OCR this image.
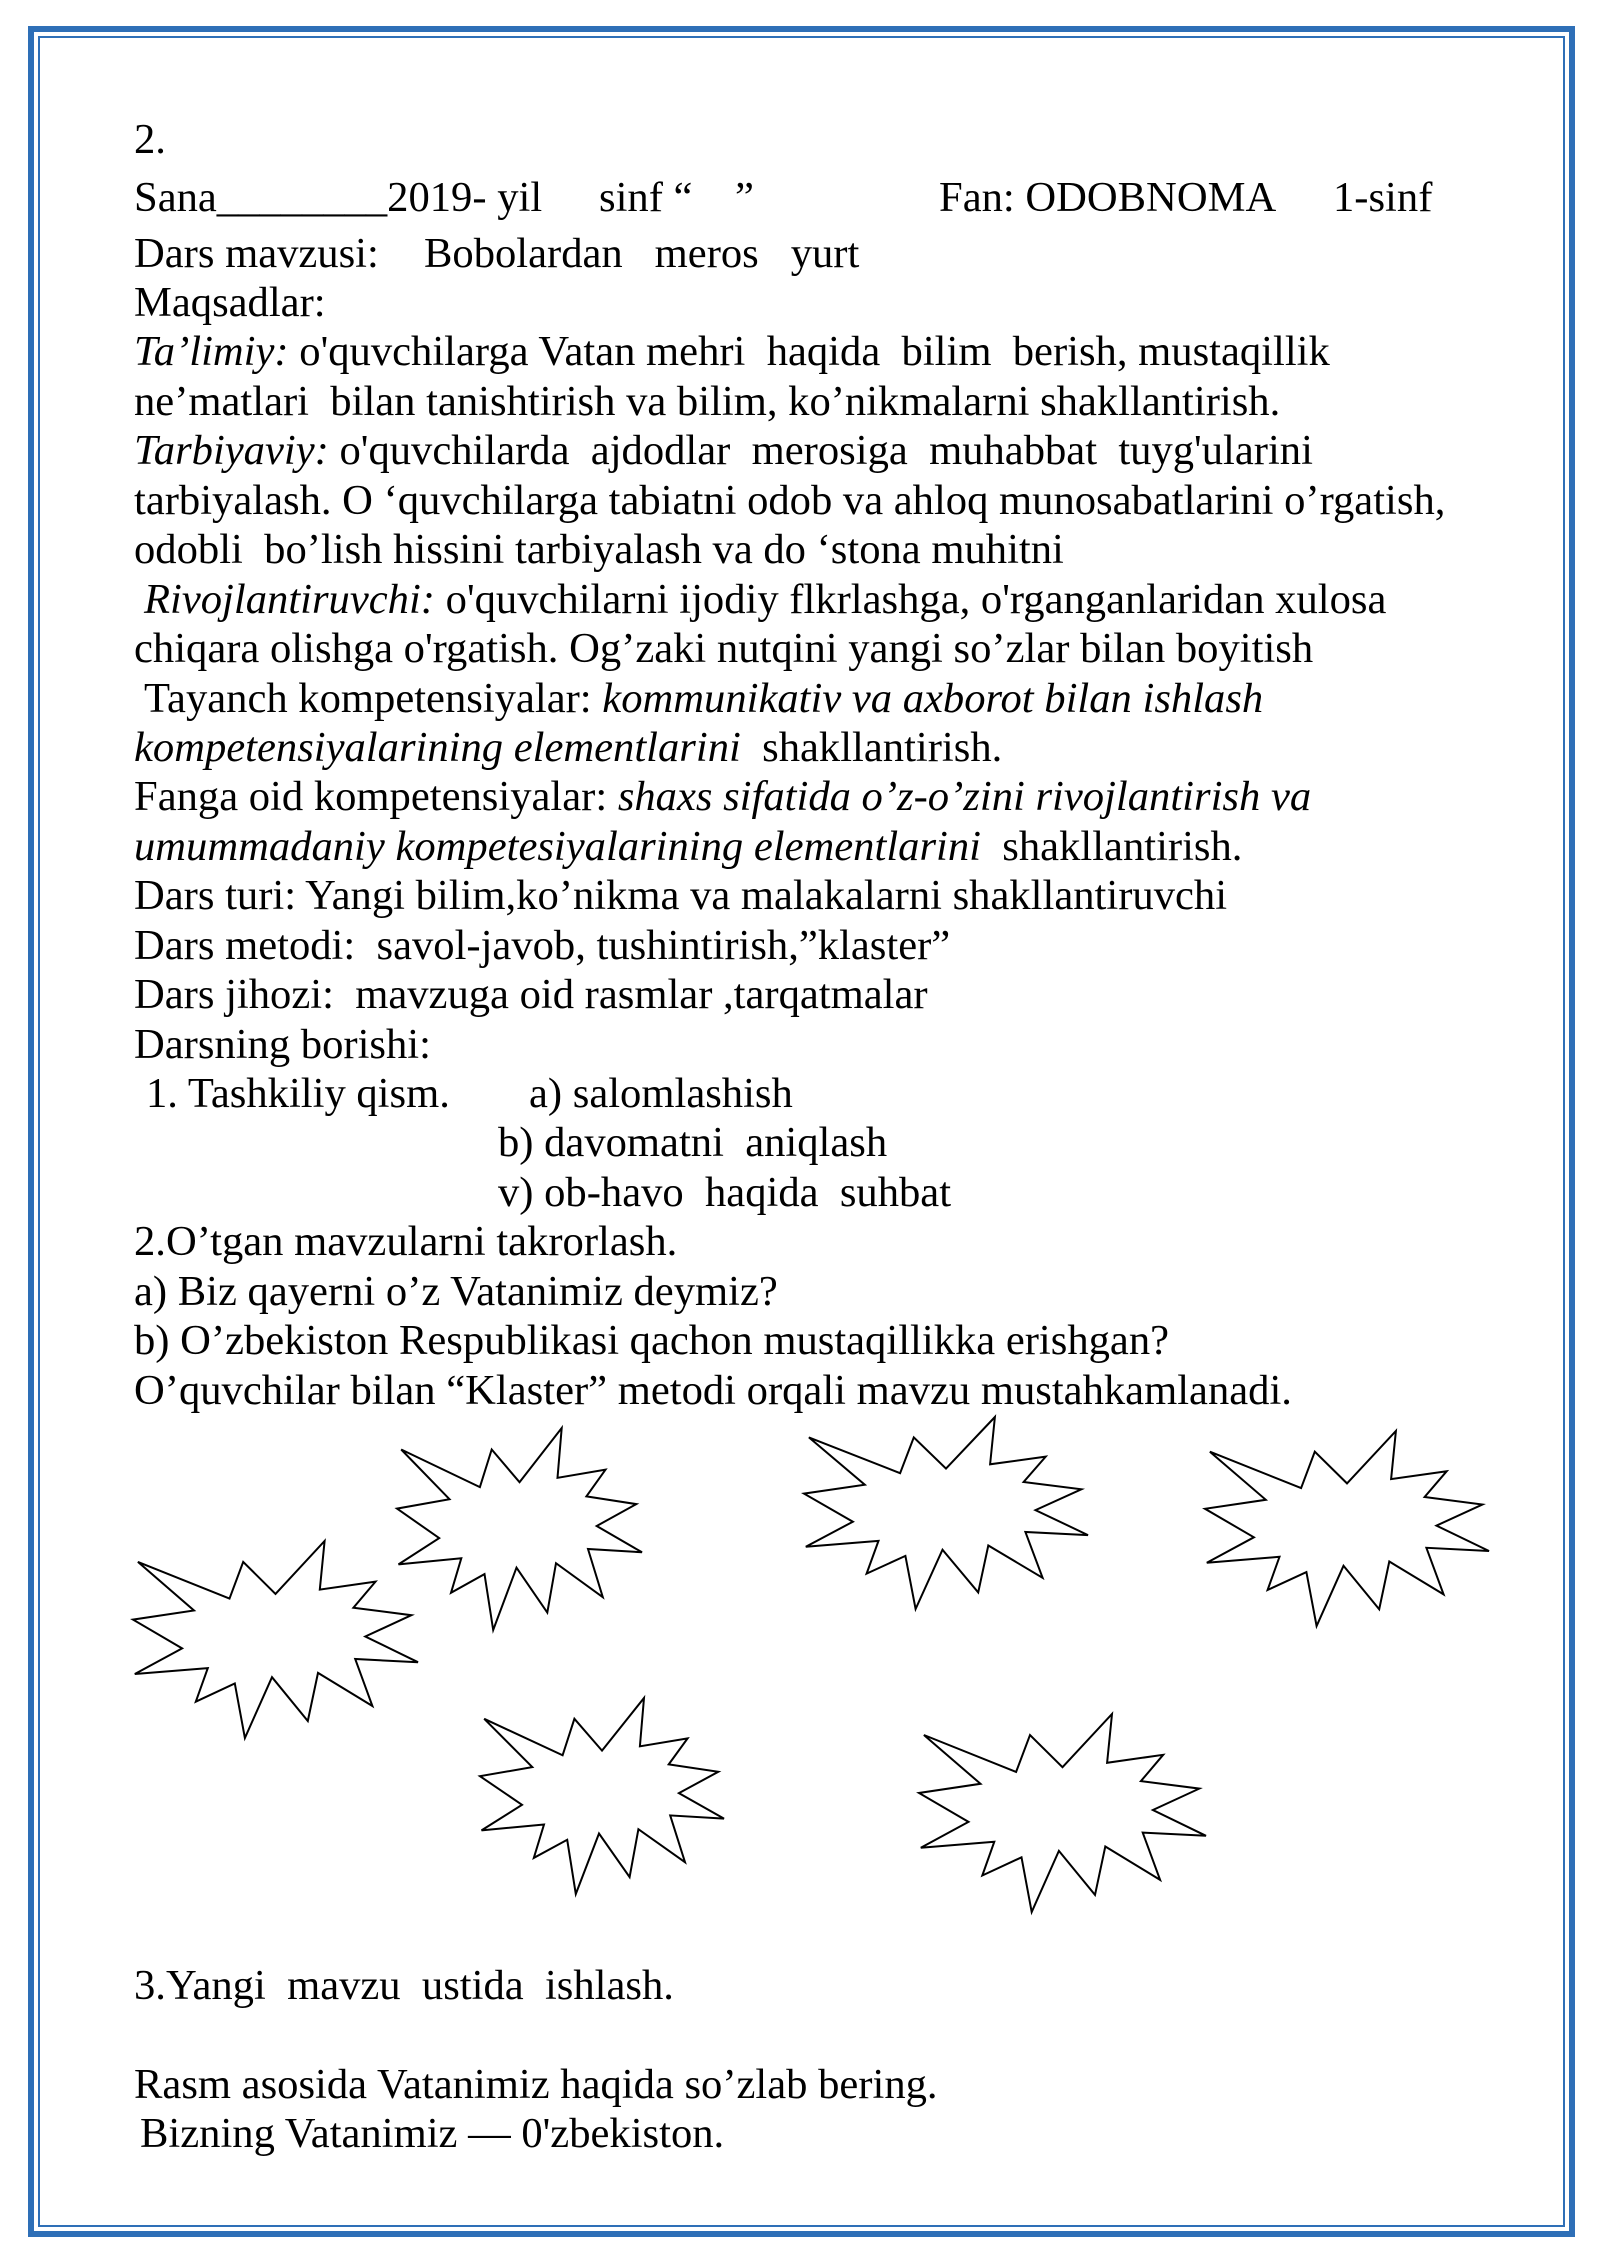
2.
Sana________2019- yil sinf “    ”	Fan: ODOBNOMA 1-sinf
Dars mavzusi: Bobolardan   meros   yurt
Maqsadlar:
Ta’limiy: o'quvchilarga Vatan mehri  haqida  bilim  berish, mustaqillik
ne’matlari  bilan tanishtirish va bilim, ko’nikmalarni shakllantirish.
Tarbiyaviy: o'quvchilarda  ajdodlar  merosiga  muhabbat  tuyg'ularini
tarbiyalash. O ‘quvchilarga tabiatni odob va ahloq munosabatlarini o’rgatish,
odobli  bo’lish hissini tarbiyalash va do ‘stona muhitni
Rivojlantiruvchi: o'quvchilarni ijodiy flkrlashga, o'rganganlaridan xulosa
chiqara olishga o'rgatish. Og’zaki nutqini yangi so’zlar bilan boyitish
Tayanch kompetensiyalar: kommunikativ va axborot bilan ishlash
kompetensiyalarining elementlarini shakllantirish.
Fanga oid kompetensiyalar: shaxs sifatida o’z-o’zini rivojlantirish va
umummadaniy kompetesiyalarining elementlarini shakllantirish.
Dars turi: Yangi bilim,ko’nikma va malakalarni shakllantiruvchi
Dars metodi:  savol-javob, tushintirish,”klaster”
Dars jihozi:  mavzuga oid rasmlar ,tarqatmalar
Darsning borishi:
1. Tashkiliy qism. a) salomlashish
b) davomatni  aniqlash
v) ob-havo  haqida  suhbat
2.O’tgan mavzularni takrorlash.
a) Biz qayerni o’z Vatanimiz deymiz?
b) O’zbekiston Respublikasi qachon mustaqillikka erishgan?
O’quvchilar bilan “Klaster” metodi orqali mavzu mustahkamlanadi.
3.Yangi  mavzu  ustida  ishlash.
Rasm asosida Vatanimiz haqida so’zlab bering.
Bizning Vatanimiz — 0'zbekiston.
